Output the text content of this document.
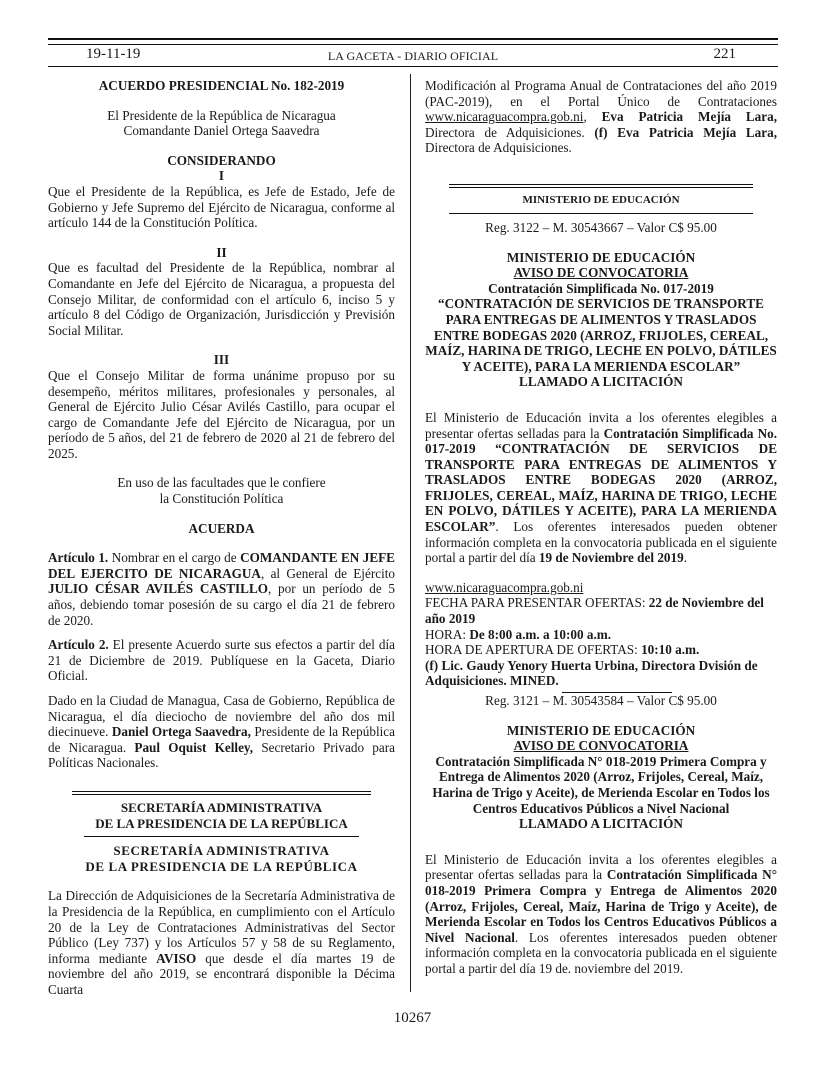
19-11-19	LA GACETA - DIARIO OFICIAL	221

ACUERDO PRESIDENCIAL No. 182-2019

El Presidente de la República de Nicaragua

Comandante Daniel Ortega Saavedra

CONSIDERANDO

I

Que el Presidente de la República, es Jefe de Estado, Jefe de Gobierno y Jefe Supremo del Ejército de Nicaragua, conforme al artículo 144 de la Constitución Política.

II

Que es facultad del Presidente de la República, nombrar al Comandante en Jefe del Ejército de Nicaragua, a propuesta del Consejo Militar, de conformidad con el artículo 6, inciso 5 y artículo 8 del Código de Organización, Jurisdicción y Previsión Social Militar.

III

Que el Consejo Militar de forma unánime propuso por su desempeño, méritos militares, profesionales y personales, al General de Ejército Julio César Avilés Castillo, para ocupar el cargo de Comandante Jefe del Ejército de Nicaragua, por un período de 5 años, del 21 de febrero de 2020 al 21 de febrero del 2025.

En uso de las facultades que le confiere

la Constitución Política

ACUERDA

Artículo 1. Nombrar en el cargo de COMANDANTE EN JEFE DEL EJERCITO DE NICARAGUA, al General de Ejército JULIO CÉSAR AVILÉS CASTILLO, por un período de 5 años, debiendo tomar posesión de su cargo el día 21 de febrero de 2020.

Artículo 2. El presente Acuerdo surte sus efectos a partir del día 21 de Diciembre de 2019. Publíquese en la Gaceta, Diario Oficial.

Dado en la Ciudad de Managua, Casa de Gobierno, República de Nicaragua, el día dieciocho de noviembre del año dos mil diecinueve. Daniel Ortega Saavedra, Presidente de la República de Nicaragua. Paul Oquist Kelley, Secretario Privado para Políticas Nacionales.

SECRETARÍA ADMINISTRATIVA

DE LA PRESIDENCIA DE LA REPÚBLICA

SECRETARÍA ADMINISTRATIVA

DE LA PRESIDENCIA DE LA REPÚBLICA

La Dirección de Adquisiciones de la Secretaría Administrativa de la Presidencia de la República, en cumplimiento con el Artículo 20 de la Ley de Contrataciones Administrativas del Sector Público (Ley 737) y los Artículos 57 y 58 de su Reglamento, informa mediante AVISO que desde el día martes 19 de noviembre del año 2019, se encontrará disponible la Décima Cuarta

Modificación al Programa Anual de Contrataciones del año 2019 (PAC-2019), en el Portal Único de Contrataciones www.nicaraguacompra.gob.ni, Eva Patricia Mejía Lara, Directora de Adquisiciones. (f) Eva Patricia Mejía Lara, Directora de Adquisiciones.

MINISTERIO DE EDUCACIÓN

Reg. 3122 – M. 30543667 – Valor C$ 95.00

MINISTERIO DE EDUCACIÓN

AVISO DE CONVOCATORIA

Contratación Simplificada No. 017-2019

“CONTRATACIÓN DE SERVICIOS DE TRANSPORTE PARA ENTREGAS DE ALIMENTOS Y TRASLADOS ENTRE BODEGAS 2020 (ARROZ, FRIJOLES, CEREAL, MAÍZ, HARINA DE TRIGO, LECHE EN POLVO, DÁTILES Y ACEITE), PARA LA MERIENDA ESCOLAR”

LLAMADO A LICITACIÓN

El Ministerio de Educación invita a los oferentes elegibles a presentar ofertas selladas para la Contratación Simplificada No. 017-2019 “CONTRATACIÓN DE SERVICIOS DE TRANSPORTE PARA ENTREGAS DE ALIMENTOS Y TRASLADOS ENTRE BODEGAS 2020 (ARROZ, FRIJOLES, CEREAL, MAÍZ, HARINA DE TRIGO, LECHE EN POLVO, DÁTILES Y ACEITE), PARA LA MERIENDA ESCOLAR”. Los oferentes interesados pueden obtener información completa en la convocatoria publicada en el siguiente portal a partir del día 19 de Noviembre del 2019.

www.nicaraguacompra.gob.ni

FECHA PARA PRESENTAR OFERTAS: 22 de Noviembre del año 2019

HORA: De 8:00 a.m. a 10:00 a.m.

HORA DE APERTURA DE OFERTAS: 10:10 a.m.

(f) Lic. Gaudy Yenory Huerta Urbina, Directora Dvisión de Adquisiciones. MINED.

Reg. 3121 – M. 30543584 – Valor C$ 95.00

MINISTERIO DE EDUCACIÓN

AVISO DE CONVOCATORIA

Contratación Simplificada N° 018-2019 Primera Compra y Entrega de Alimentos 2020 (Arroz, Frijoles, Cereal, Maíz, Harina de Trigo y Aceite), de Merienda Escolar en Todos los Centros Educativos Públicos a Nivel Nacional

LLAMADO A LICITACIÓN

El Ministerio de Educación invita a los oferentes elegibles a presentar ofertas selladas para la Contratación Simplificada N° 018-2019 Primera Compra y Entrega de Alimentos 2020 (Arroz, Frijoles, Cereal, Maíz, Harina de Trigo y Aceite), de Merienda Escolar en Todos los Centros Educativos Públicos a Nivel Nacional. Los oferentes interesados pueden obtener información completa en la convocatoria publicada en el siguiente portal a partir del día 19 de. noviembre del 2019.

10267
